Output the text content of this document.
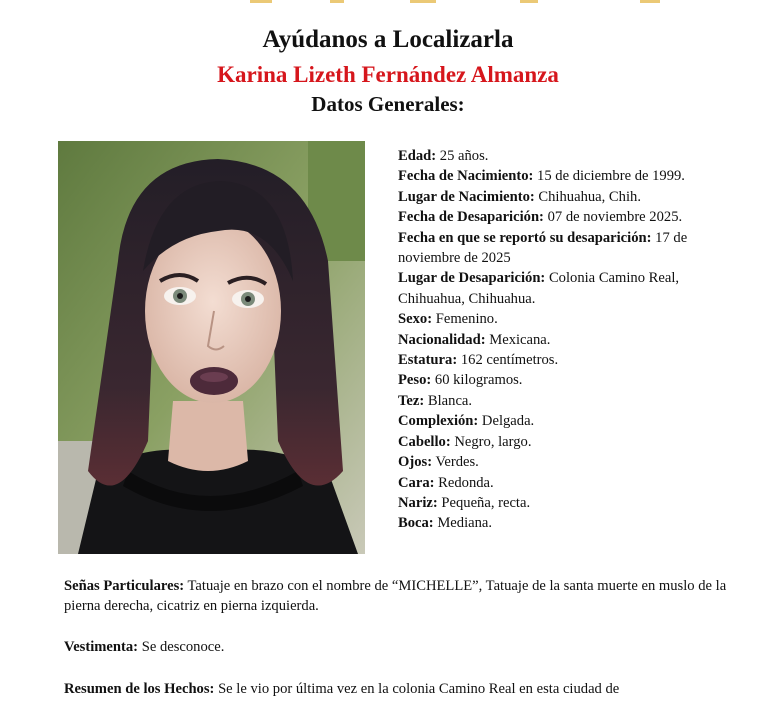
Ayúdanos a Localizarla
Karina Lizeth Fernández Almanza
Datos Generales:

Edad: 25 años.

Fecha de Nacimiento: 15 de diciembre de 1999.

Lugar de Nacimiento: Chihuahua, Chih.

Fecha de Desaparición: 07 de noviembre 2025.

Fecha en que se reportó su desaparición: 17 de noviembre de 2025

Lugar de Desaparición: Colonia Camino Real, Chihuahua, Chihuahua.

Sexo: Femenino.

Nacionalidad: Mexicana.

Estatura: 162 centímetros.

Peso: 60 kilogramos.

Tez: Blanca.

Complexión: Delgada.

Cabello: Negro, largo.

Ojos: Verdes.

Cara: Redonda.

Nariz: Pequeña, recta.

Boca: Mediana.

Señas Particulares: Tatuaje en brazo con el nombre de “MICHELLE”, Tatuaje de la santa muerte en muslo de la pierna derecha, cicatriz en pierna izquierda.
Vestimenta: Se desconoce.
Resumen de los Hechos: Se le vio por última vez en la colonia Camino Real en esta ciudad de
